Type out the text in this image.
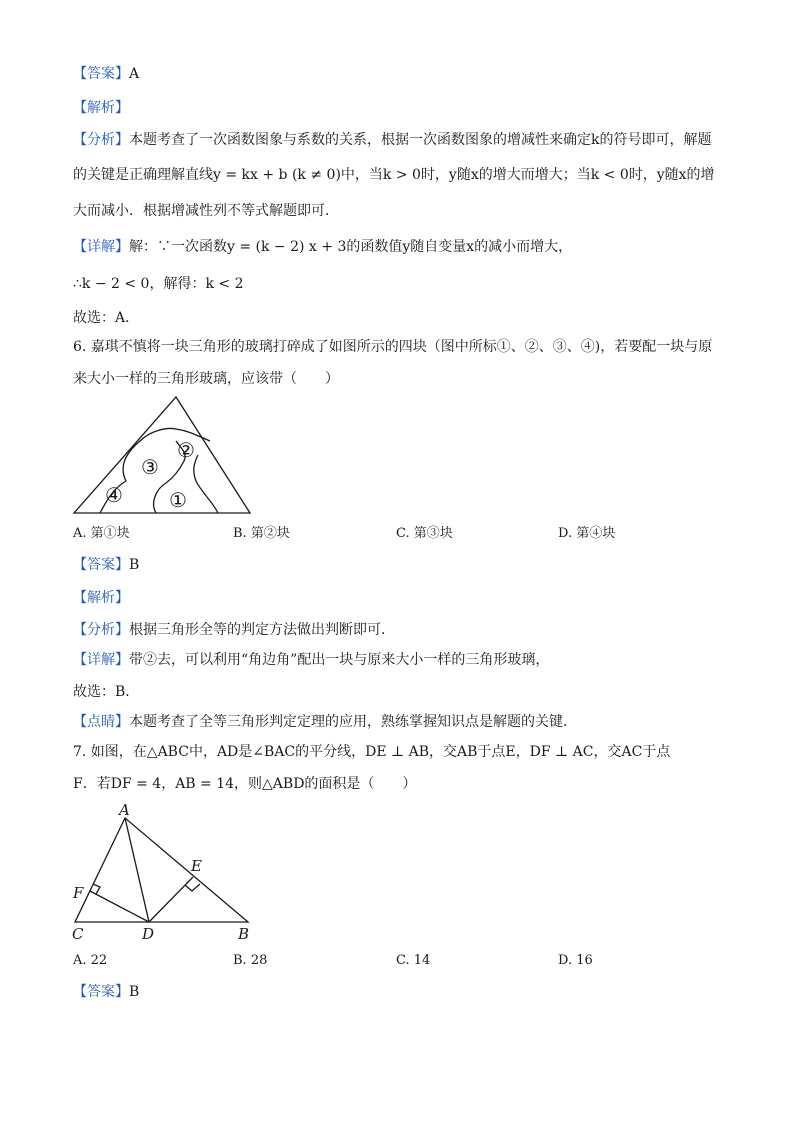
【答案】A
【解析】
【分析】本题考查了一次函数图象与系数的关系，根据一次函数图象的增减性来确定k的符号即可，解题
的关键是正确理解直线y = kx + b (k ≠ 0)中，当k > 0时，y随x的增大而增大；当k < 0时，y随x的增
大而减小．根据增减性列不等式解题即可．
【详解】解：∵一次函数y = (k − 2) x + 3的函数值y随自变量x的减小而增大，
∴k − 2 < 0，解得：k < 2
故选：A．
6. 嘉琪不慎将一块三角形的玻璃打碎成了如图所示的四块（图中所标①、②、③、④)，若要配一块与原
来大小一样的三角形玻璃，应该带（　　）
①
②
③
④
A. 第①块	B. 第②块	C. 第③块	D. 第④块
【答案】B
【解析】
【分析】根据三角形全等的判定方法做出判断即可．
【详解】带②去，可以利用“角边角”配出一块与原来大小一样的三角形玻璃，
故选：B．
【点睛】本题考查了全等三角形判定定理的应用，熟练掌握知识点是解题的关键．
7. 如图，在△ABC中，AD是∠BAC的平分线，DE ⊥ AB，交AB于点E，DF ⊥ AC，交AC于点
F．若DF = 4，AB = 14，则△ABD的面积是（　　）
A
B
C	D
E
F
A. 22	B. 28	C. 14	D. 16
【答案】B
